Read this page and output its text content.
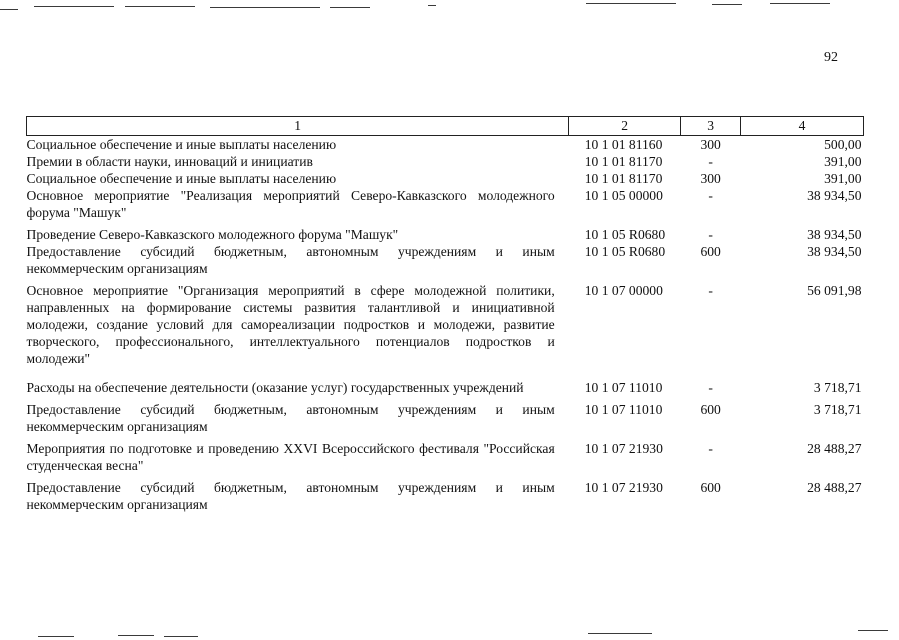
92
1	2	3	4
Социальное обеспечение и иные выплаты населению	10 1 01 81160	300	500,00
Премии в области науки, инноваций и инициатив	10 1 01 81170	-	391,00
Социальное обеспечение и иные выплаты населению	10 1 01 81170	300	391,00
Основное мероприятие "Реализация мероприятий Северо-Кавказского молодежного форума "Машук"	10 1 05 00000	-	38 934,50
Проведение Северо-Кавказского молодежного форума "Машук"	10 1 05 R0680	-	38 934,50
Предоставление субсидий бюджетным, автономным учреждениям и иным некоммерческим организациям	10 1 05 R0680	600	38 934,50
Основное мероприятие "Организация мероприятий в сфере молодежной политики, направленных на формирование системы развития талантливой и инициативной молодежи, создание условий для самореализации подростков и молодежи, развитие творческого, профессионального, интеллектуального потенциалов подростков и молодежи"	10 1 07 00000	-	56 091,98
Расходы на обеспечение деятельности (оказание услуг) государственных учреждений	10 1 07 11010	-	3 718,71
Предоставление субсидий бюджетным, автономным учреждениям и иным некоммерческим организациям	10 1 07 11010	600	3 718,71
Мероприятия по подготовке и проведению XXVI Всероссийского фестиваля "Российская студенческая весна"	10 1 07 21930	-	28 488,27
Предоставление субсидий бюджетным, автономным учреждениям и иным некоммерческим организациям	10 1 07 21930	600	28 488,27
